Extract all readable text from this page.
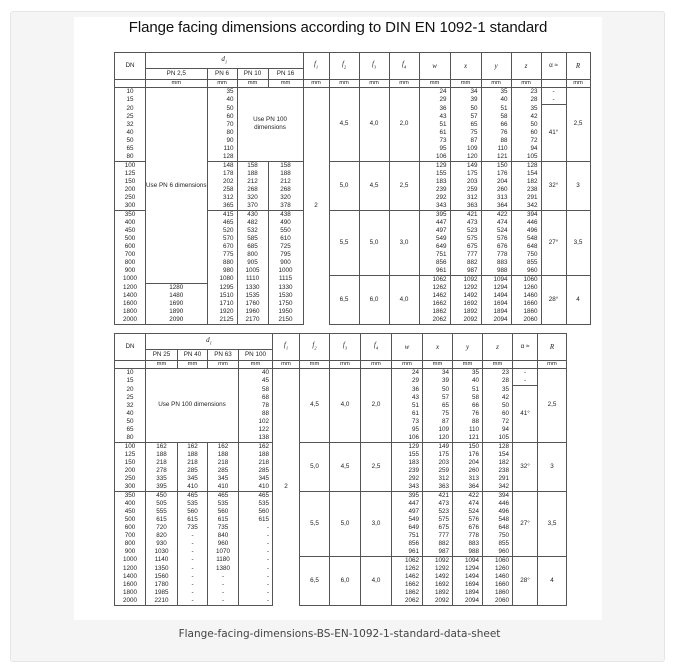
Flange facing dimensions according to DIN EN 1092-1 standard
DN	$d_1$				$f_1$	$f_2$	$f_3$	$f_4$	w	x	y	z	α ≈	R
	PN 2,5	PN 6	PN 10	PN 16										
	mm	mm	mm	mm	mm	mm	mm	mm	mm	mm	mm	mm		mm
10	Use PN 6 dimensions	35	Use PN 100 dimensions		2	4,5	4,0	2,0	24	34	35	23	-	2,5
15		40							29	39	40	28	-	
20		50							36	50	51	35	41°	
25		60							43	57	58	42		
32		70							51	65	66	50		
40		80							61	75	76	60		
50		90							73	87	88	72		
65		110							95	109	110	94		
80		128							106	120	121	105		
100		148	158	158		5,0	4,5	2,5	129	149	150	128	32°	3
125		178	188	188					155	175	176	154		
150		202	212	212					183	203	204	182		
200		258	268	268					239	259	260	238		
250		312	320	320					292	312	313	291		
300		365	370	378					343	363	364	342		
350		415	430	438		5,5	5,0	3,0	395	421	422	394	27°	3,5
400		465	482	490					447	473	474	446		
450		520	532	550					497	523	524	496		
500		570	585	610					549	575	576	548		
600		670	685	725					649	675	676	648		
700		775	800	795					751	777	778	750		
800		880	905	900					856	882	883	855		
900		980	1005	1000					961	987	988	960		
1000		1080	1110	1115		6,5	6,0	4,0	1062	1092	1094	1060	28°	4
1200	1280	1295	1330	1330					1262	1292	1294	1260		
1400	1480	1510	1535	1530					1462	1492	1494	1460		
1600	1690	1710	1760	1750					1662	1692	1694	1660		
1800	1890	1920	1960	1950					1862	1892	1894	1860		
2000	2090	2125	2170	2150					2062	2092	2094	2060		
DN	$d_1$				$f_1$	$f_2$	$f_3$	$f_4$	w	x	y	z	α ≈	R
	PN 25	PN 40	PN 63	PN 100										
	mm	mm	mm	mm	mm	mm	mm	mm	mm	mm	mm	mm		mm
10	Use PN 100 dimensions			40	2	4,5	4,0	2,0	24	34	35	23	-	2,5
15				45					29	39	40	28	-	
20				58					36	50	51	35	41°	
25				68					43	57	58	42		
32				78					51	65	66	50		
40				88					61	75	76	60		
50				102					73	87	88	72		
65				122					95	109	110	94		
80				138					106	120	121	105		
100	162	162	162	162		5,0	4,5	2,5	129	149	150	128	32°	3
125	188	188	188	188					155	175	176	154		
150	218	218	218	218					183	203	204	182		
200	278	285	285	285					239	259	260	238		
250	335	345	345	345					292	312	313	291		
300	395	410	410	410					343	363	364	342		
350	450	465	465	465		5,5	5,0	3,0	395	421	422	394	27°	3,5
400	505	535	535	535					447	473	474	446		
450	555	560	560	560					497	523	524	496		
500	615	615	615	615					549	575	576	548		
600	720	735	735	-					649	675	676	648		
700	820	-	840	-					751	777	778	750		
800	930	-	960	-					856	882	883	855		
900	1030	-	1070	-					961	987	988	960		
1000	1140	-	1180	-		6,5	6,0	4,0	1062	1092	1094	1060	28°	4
1200	1350	-	1380	-					1262	1292	1294	1260		
1400	1560	-	-	-					1462	1492	1494	1460		
1600	1780	-	-	-					1662	1692	1694	1660		
1800	1985	-	-	-					1862	1892	1894	1860		
2000	2210	-	-	-					2062	2092	2094	2060		
Flange-facing-dimensions-BS-EN-1092-1-standard-data-sheet
